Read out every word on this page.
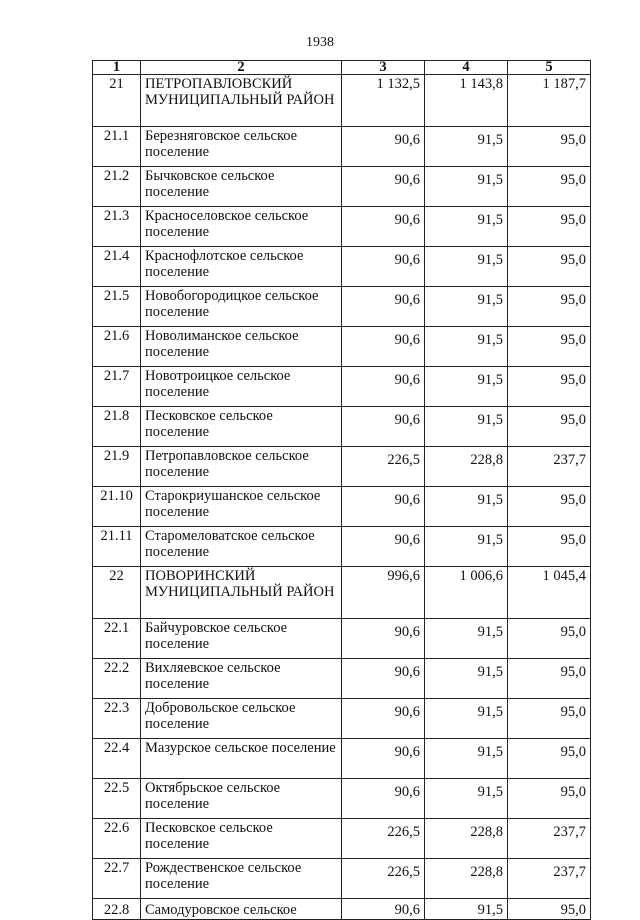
1938
1	2	3	4	5
21	ПЕТРОПАВЛОВСКИЙ МУНИЦИПАЛЬНЫЙ РАЙОН	1 132,5	1 143,8	1 187,7
21.1	Березняговское сельское поселение	90,6	91,5	95,0
21.2	Бычковское сельское поселение	90,6	91,5	95,0
21.3	Красноселовское сельское поселение	90,6	91,5	95,0
21.4	Краснофлотское сельское поселение	90,6	91,5	95,0
21.5	Новобогородицкое сельское поселение	90,6	91,5	95,0
21.6	Новолиманское сельское поселение	90,6	91,5	95,0
21.7	Новотроицкое сельское поселение	90,6	91,5	95,0
21.8	Песковское сельское поселение	90,6	91,5	95,0
21.9	Петропавловское сельское поселение	226,5	228,8	237,7
21.10	Старокриушанское сельское поселение	90,6	91,5	95,0
21.11	Старомеловатское сельское поселение	90,6	91,5	95,0
22	ПОВОРИНСКИЙ МУНИЦИПАЛЬНЫЙ РАЙОН	996,6	1 006,6	1 045,4
22.1	Байчуровское сельское поселение	90,6	91,5	95,0
22.2	Вихляевское сельское поселение	90,6	91,5	95,0
22.3	Добровольское сельское поселение	90,6	91,5	95,0
22.4	Мазурское сельское поселение	90,6	91,5	95,0
22.5	Октябрьское сельское поселение	90,6	91,5	95,0
22.6	Песковское сельское поселение	226,5	228,8	237,7
22.7	Рождественское сельское поселение	226,5	228,8	237,7
22.8	Самодуровское сельское	90,6	91,5	95,0
